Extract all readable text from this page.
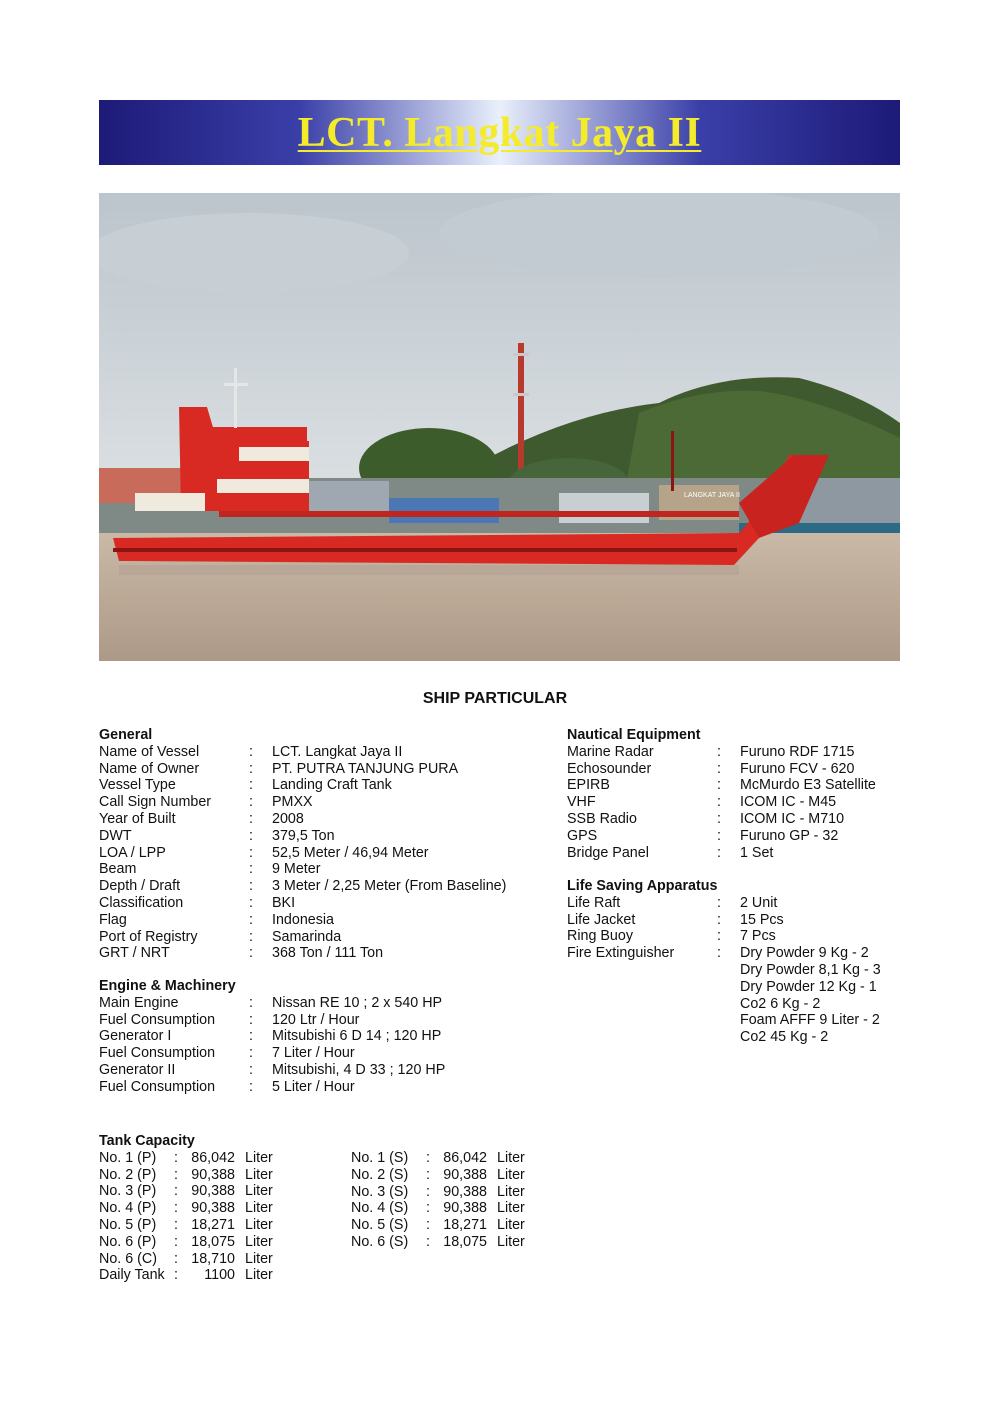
LCT. Langkat Jaya II
LANGKAT JAYA II
SHIP PARTICULAR
General
Name of Vessel	: LCT. Langkat Jaya II
Name of Owner	: PT. PUTRA TANJUNG PURA
Vessel Type	: Landing Craft Tank
Call Sign Number	: PMXX
Year of Built	: 2008
DWT	: 379,5 Ton
LOA / LPP	: 52,5 Meter / 46,94 Meter
Beam	: 9 Meter
Depth / Draft	: 3 Meter / 2,25 Meter (From Baseline)
Classification	: BKI
Flag	: Indonesia
Port of Registry	: Samarinda
GRT / NRT	: 368 Ton / 111 Ton
Engine & Machinery
Main Engine	: Nissan RE 10 ; 2 x 540 HP
Fuel Consumption : 120 Ltr / Hour
Generator I	: Mitsubishi 6 D 14 ; 120 HP
Fuel Consumption : 7 Liter / Hour
Generator II	: Mitsubishi, 4 D 33 ; 120 HP
Fuel Consumption : 5 Liter / Hour
Nautical Equipment
Marine Radar	: Furuno RDF 1715
Echosounder	: Furuno FCV - 620
EPIRB	: McMurdo E3 Satellite
VHF	: ICOM IC - M45
SSB Radio	: ICOM IC - M710
GPS	: Furuno GP - 32
Bridge Panel	: 1 Set
Life Saving Apparatus
Life Raft	: 2 Unit
Life Jacket	: 15 Pcs
Ring Buoy	: 7 Pcs
Fire Extinguisher	: Dry Powder 9 Kg - 2
Dry Powder 8,1 Kg - 3
Dry Powder 12 Kg - 1
Co2 6 Kg - 2
Foam AFFF 9 Liter - 2
Co2 45 Kg - 2
Tank Capacity
No. 1 (P) : 86,042 Liter
No. 2 (P) : 90,388 Liter
No. 3 (P) : 90,388 Liter
No. 4 (P) : 90,388 Liter
No. 5 (P) : 18,271 Liter
No. 6 (P) : 18,075 Liter
No. 6 (C) : 18,710 Liter
Daily Tank :	1100 Liter
No. 1 (S) : 86,042 Liter
No. 2 (S) : 90,388 Liter
No. 3 (S) : 90,388 Liter
No. 4 (S) : 90,388 Liter
No. 5 (S) : 18,271 Liter
No. 6 (S) : 18,075 Liter
